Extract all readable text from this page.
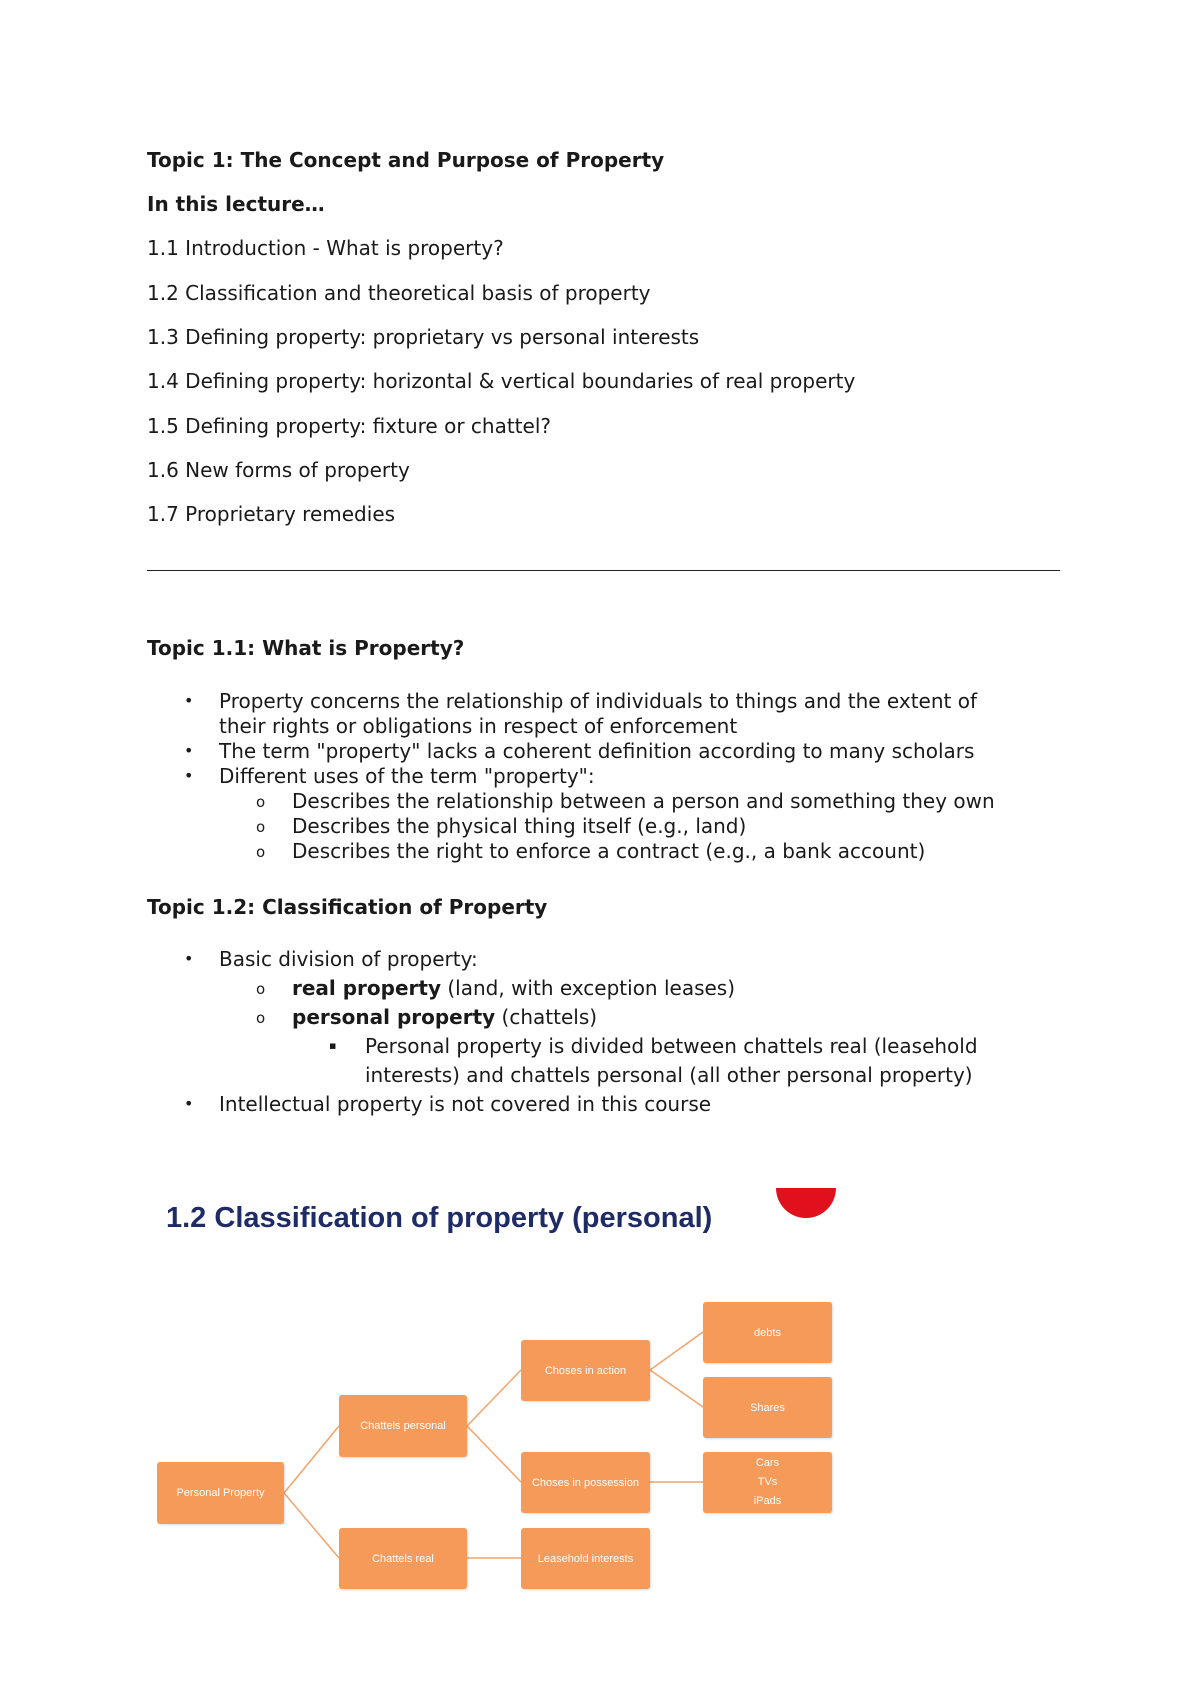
Topic 1: The Concept and Purpose of Property
In this lecture…
1.1 Introduction - What is property?
1.2 Classification and theoretical basis of property
1.3 Defining property: proprietary vs personal interests
1.4 Defining property: horizontal & vertical boundaries of real property
1.5 Defining property: fixture or chattel?
1.6 New forms of property
1.7 Proprietary remedies
Topic 1.1: What is Property?
• Property concerns the relationship of individuals to things and the extent of
their rights or obligations in respect of enforcement
• The term "property" lacks a coherent definition according to many scholars
• Different uses of the term "property":
o Describes the relationship between a person and something they own
o Describes the physical thing itself (e.g., land)
o Describes the right to enforce a contract (e.g., a bank account)
Topic 1.2: Classification of Property
• Basic division of property:
o real property (land, with exception leases)
o personal property (chattels)
▪ Personal property is divided between chattels real (leasehold
interests) and chattels personal (all other personal property)
• Intellectual property is not covered in this course
1.2 Classification of property (personal)
Personal Property
Chattels personal
Chattels real
Choses in action
Choses in possession
Leasehold interests
debts
Shares
Cars
TVs
iPads
